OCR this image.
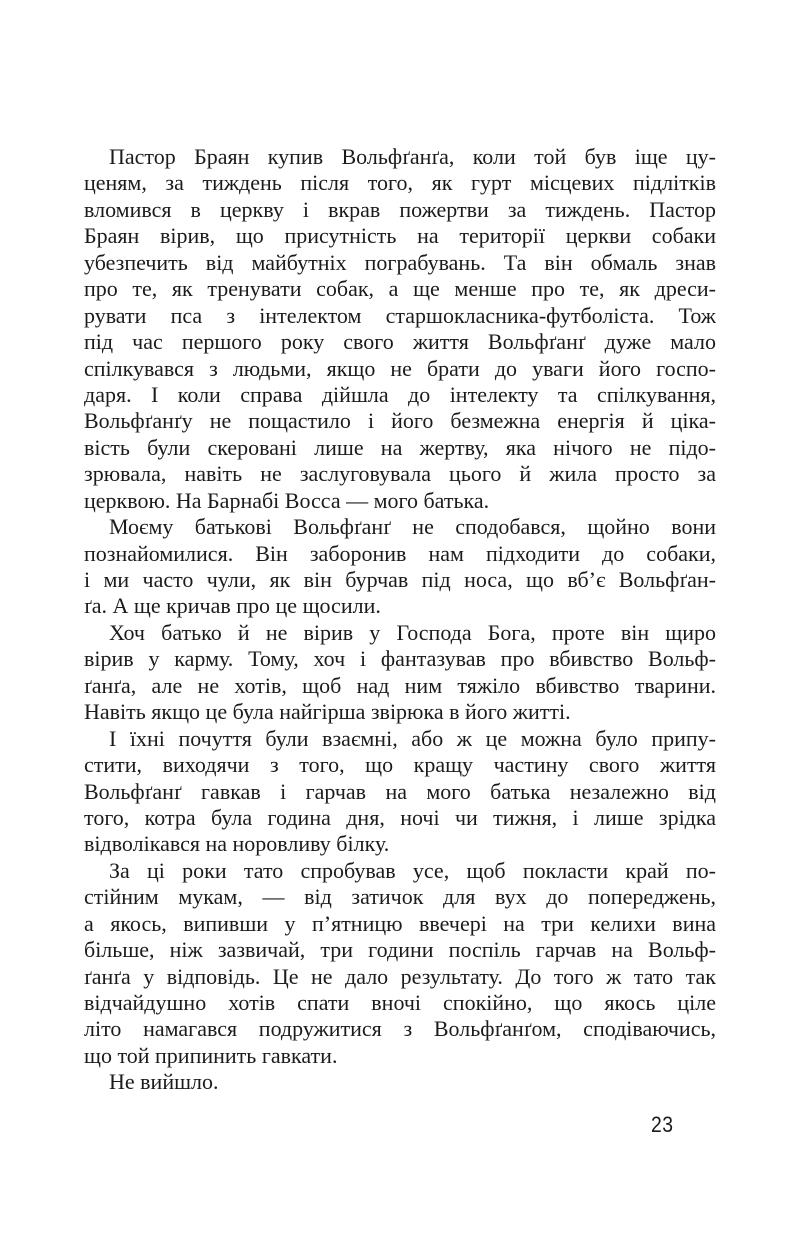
Пастор Браян купив Вольфґанґа, коли той був іще цу-
ценям, за тиждень після того, як гурт місцевих підлітків
вломився в церкву і вкрав пожертви за тиждень. Пастор
Браян вірив, що присутність на території церкви собаки
убезпечить від майбутніх пограбувань. Та він обмаль знав
про те, як тренувати собак, а ще менше про те, як дреси-
рувати пса з інтелектом старшокласника-футболіста. Тож
під час першого року свого життя Вольфґанґ дуже мало
спілкувався з людьми, якщо не брати до уваги його госпо-
даря. І коли справа дійшла до інтелекту та спілкування,
Вольфґанґу не пощастило і його безмежна енергія й ціка-
вість були скеровані лише на жертву, яка нічого не підо-
зрювала, навіть не заслуговувала цього й жила просто за
церквою. На Барнабі Восса — мого батька.
Моєму батькові Вольфґанґ не сподобався, щойно вони
познайомилися. Він заборонив нам підходити до собаки,
і ми часто чули, як він бурчав під носа, що вб’є Вольфґан-
ґа. А ще кричав про це щосили.
Хоч батько й не вірив у Господа Бога, проте він щиро
вірив у карму. Тому, хоч і фантазував про вбивство Вольф-
ґанґа, але не хотів, щоб над ним тяжіло вбивство тварини.
Навіть якщо це була найгірша звірюка в його житті.
І їхні почуття були взаємні, або ж це можна було припу-
стити, виходячи з того, що кращу частину свого життя
Вольфґанґ гавкав і гарчав на мого батька незалежно від
того, котра була година дня, ночі чи тижня, і лише зрідка
відволікався на норовливу білку.
За ці роки тато спробував усе, щоб покласти край по-
стійним мукам, — від затичок для вух до попереджень,
а якось, випивши у п’ятницю ввечері на три келихи вина
більше, ніж зазвичай, три години поспіль гарчав на Вольф-
ґанґа у відповідь. Це не дало результату. До того ж тато так
відчайдушно хотів спати вночі спокійно, що якось ціле
літо намагався подружитися з Вольфґанґом, сподіваючись,
що той припинить гавкати.
Не вийшло.
23
